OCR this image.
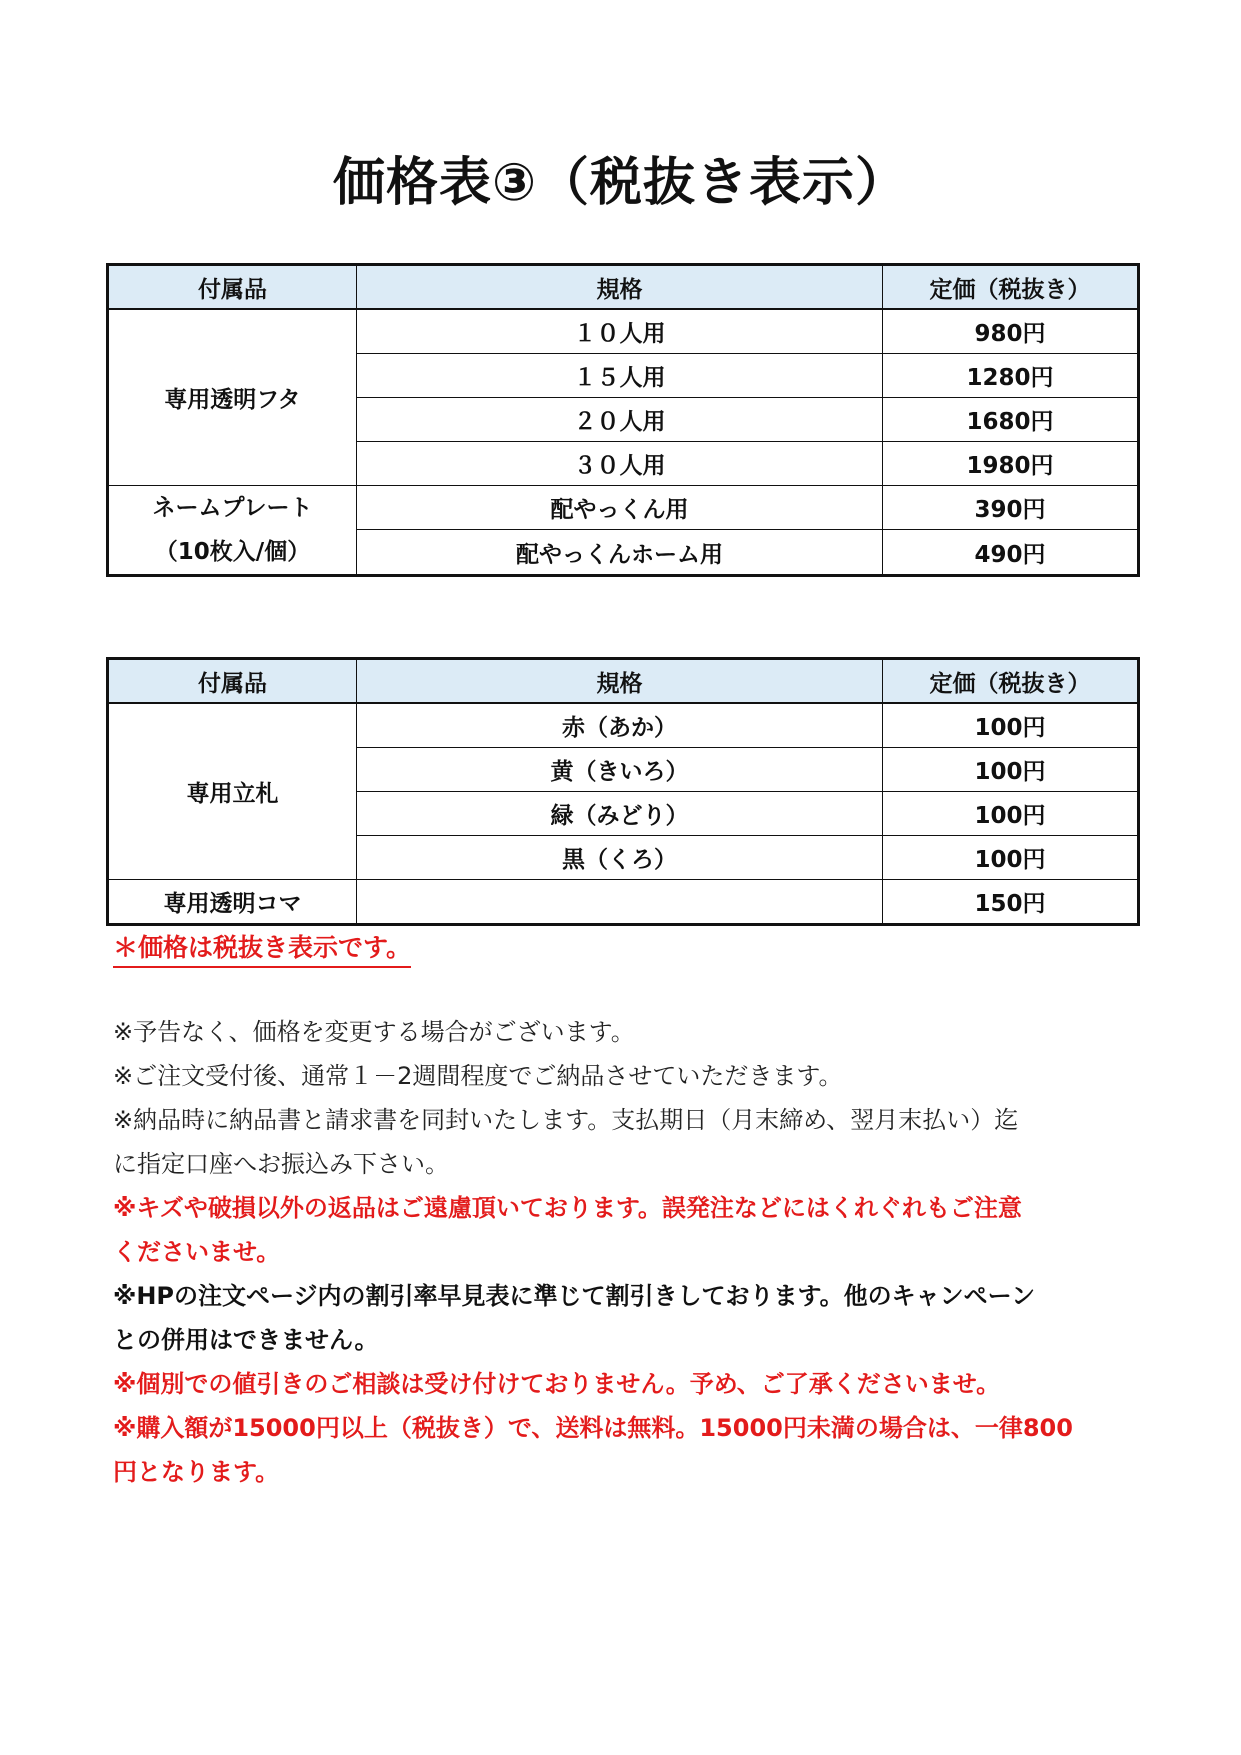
価格表③（税抜き表示）
付属品	規格	定価（税抜き）
専用透明フタ	１０人用	980円
	１５人用	1280円
	２０人用	1680円
	３０人用	1980円

ネームプレート
（10枚入/個）	配やっくん用	390円
	配やっくんホーム用	490円
付属品	規格	定価（税抜き）
専用立札	赤（あか）	100円
	黄（きいろ）	100円
	緑（みどり）	100円
	黒（くろ）	100円
専用透明コマ		150円
＊価格は税抜き表示です。
※予告なく、価格を変更する場合がございます。
※ご注文受付後、通常１－2週間程度でご納品させていただきます。
※納品時に納品書と請求書を同封いたします。支払期日（月末締め、翌月末払い）迄
に指定口座へお振込み下さい。
※キズや破損以外の返品はご遠慮頂いております。誤発注などにはくれぐれもご注意
くださいませ。
※HPの注文ページ内の割引率早見表に準じて割引きしております。他のキャンペーン
との併用はできません。
※個別での値引きのご相談は受け付けておりません。予め、ご了承くださいませ。
※購入額が15000円以上（税抜き）で、送料は無料。15000円未満の場合は、一律800
円となります。
